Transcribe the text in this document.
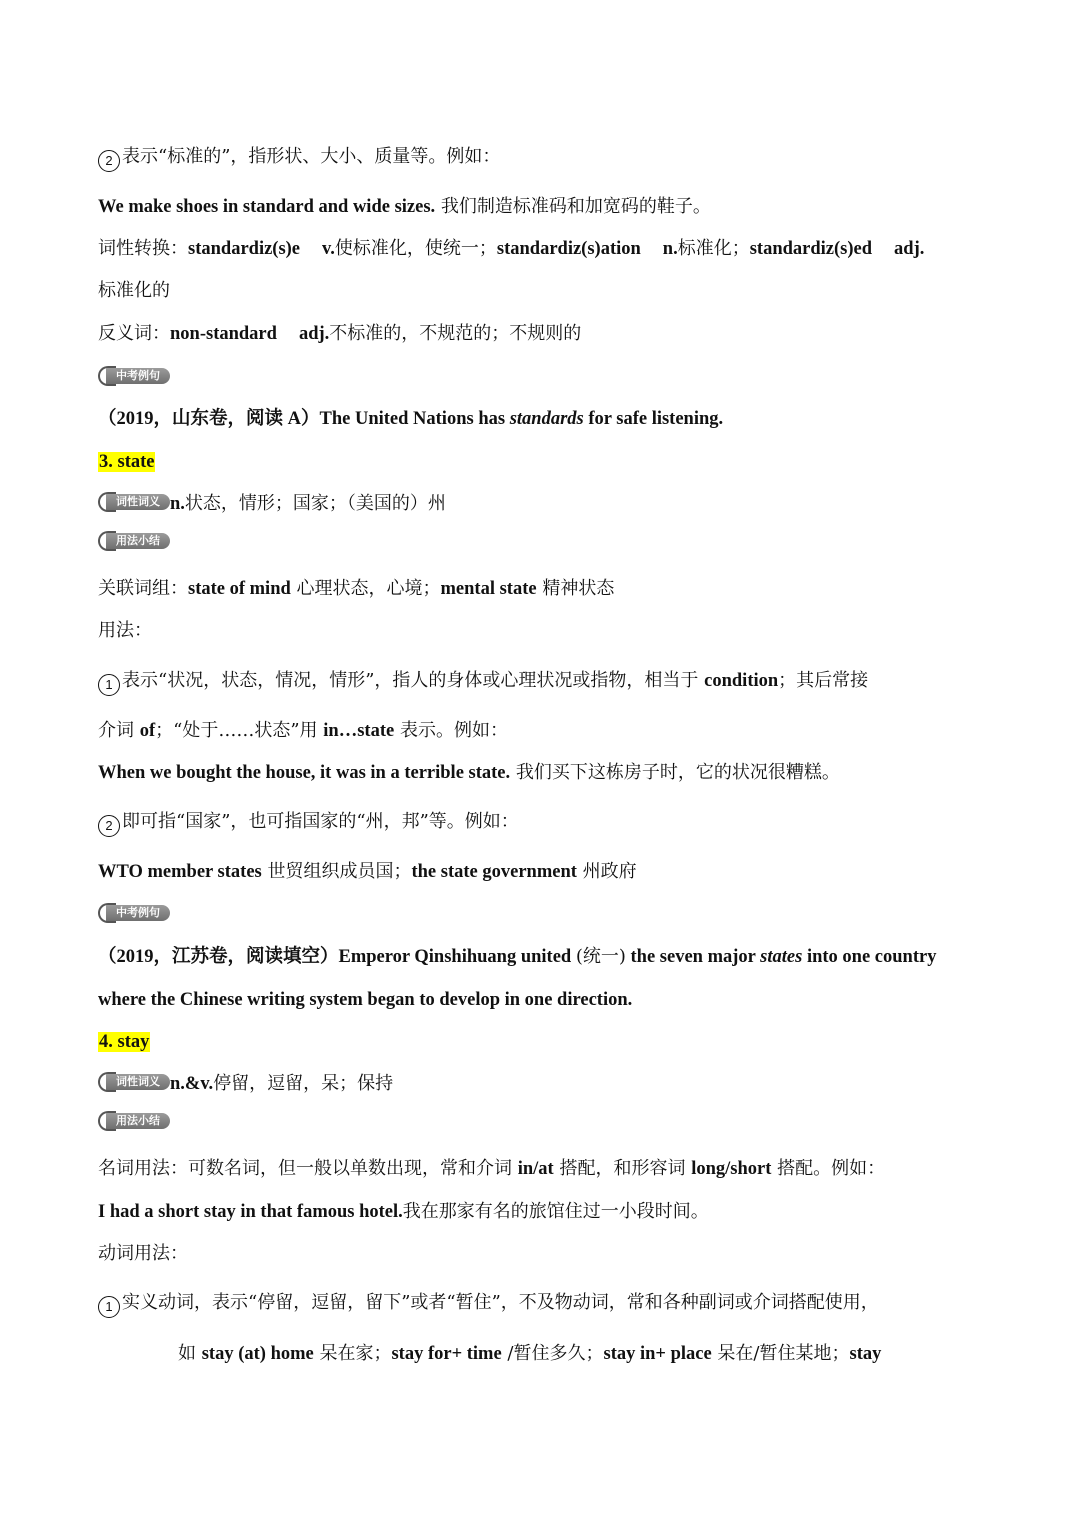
2 表示“标准的”，指形状、大小、质量等。例如：
We make shoes in standard and wide sizes. 我们制造标准码和加宽码的鞋子。
词性转换：standardiz(s)e v.使标准化，使统一；standardiz(s)ation n.标准化；standardiz(s)ed adj.
标准化的
反义词：non-standard adj.不标准的，不规范的；不规则的
中考例句
（2019，山东卷，阅读 A）The United Nations has standards for safe listening.
3. state
词性词义 n.状态，情形；国家；（美国的）州
用法小结
关联词组：state of mind 心理状态，心境；mental state 精神状态
用法：
1 表示“状况，状态，情况，情形”，指人的身体或心理状况或指物，相当于 condition；其后常接
介词 of；“处于……状态”用 in…state 表示。例如：
When we bought the house, it was in a terrible state. 我们买下这栋房子时，它的状况很糟糕。
2 即可指“国家”，也可指国家的“州，邦”等。例如：
WTO member states 世贸组织成员国；the state government 州政府
中考例句
（2019，江苏卷，阅读填空）Emperor Qinshihuang united (统一) the seven major states into one country
where the Chinese writing system began to develop in one direction.
4. stay
词性词义 n.&v.停留，逗留，呆；保持
用法小结
名词用法：可数名词，但一般以单数出现，常和介词 in/at 搭配，和形容词 long/short 搭配。例如：
I had a short stay in that famous hotel.我在那家有名的旅馆住过一小段时间。
动词用法：
1 实义动词，表示“停留，逗留，留下”或者“暂住”，不及物动词，常和各种副词或介词搭配使用，
如 stay (at) home 呆在家；stay for+ time /暂住多久；stay in+ place 呆在/暂住某地；stay
